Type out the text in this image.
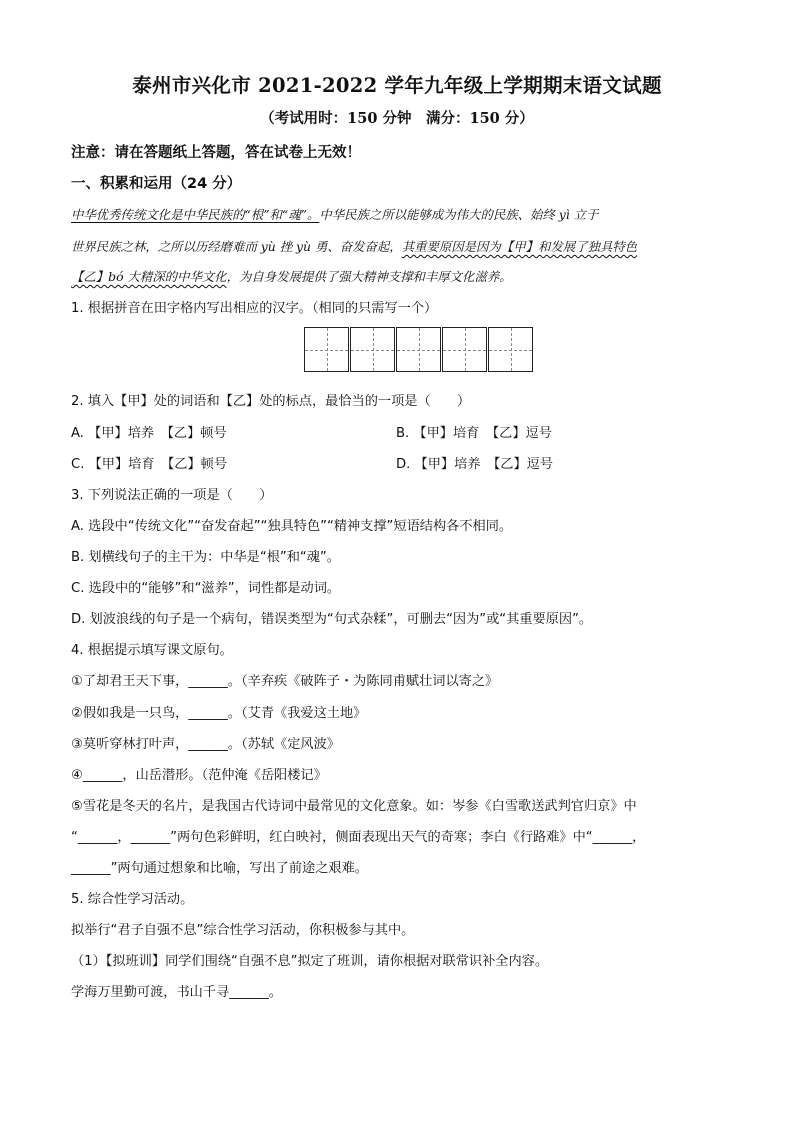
泰州市兴化市 2021-2022 学年九年级上学期期末语文试题
（考试用时：150 分钟　满分：150 分）
注意：请在答题纸上答题，答在试卷上无效！
一、积累和运用（24 分）
中华优秀传统文化是中华民族的“根”和“魂”。中华民族之所以能够成为伟大的民族、始终 yì 立于
世界民族之林，之所以历经磨难而 yù 挫 yù 勇、奋发奋起，其重要原因是因为【甲】和发展了独具特色
【乙】bó 大精深的中华文化，为自身发展提供了强大精神支撑和丰厚文化滋养。
1. 根据拼音在田字格内写出相应的汉字。（相同的只需写一个）
2. 填入【甲】处的词语和【乙】处的标点，最恰当的一项是（　　）
A. 【甲】培养　【乙】顿号	B. 【甲】培育　【乙】逗号
C. 【甲】培育　【乙】顿号	D. 【甲】培养　【乙】逗号
3. 下列说法正确的一项是（　　）
A. 选段中“传统文化”“奋发奋起”“独具特色”“精神支撑”短语结构各不相同。
B. 划横线句子的主干为：中华是“根”和“魂”。
C. 选段中的“能够”和“滋养”，词性都是动词。
D. 划波浪线的句子是一个病句，错误类型为“句式杂糅”，可删去“因为”或“其重要原因”。
4. 根据提示填写课文原句。
①了却君王天下事，______。（辛弃疾《破阵子・为陈同甫赋壮词以寄之》
②假如我是一只鸟，______。（艾青《我爱这土地》
③莫听穿林打叶声，______。（苏轼《定风波》
④______，山岳潜形。（范仲淹《岳阳楼记》
⑤雪花是冬天的名片，是我国古代诗词中最常见的文化意象。如：岑参《白雪歌送武判官归京》中
“______，______”两句色彩鲜明，红白映衬，侧面表现出天气的奇寒；李白《行路难》中“______，
______”两句通过想象和比喻，写出了前途之艰难。
5. 综合性学习活动。
拟举行“君子自强不息”综合性学习活动，你积极参与其中。
（1）【拟班训】同学们围绕“自强不息”拟定了班训，请你根据对联常识补全内容。
学海万里勤可渡，书山千寻______。
